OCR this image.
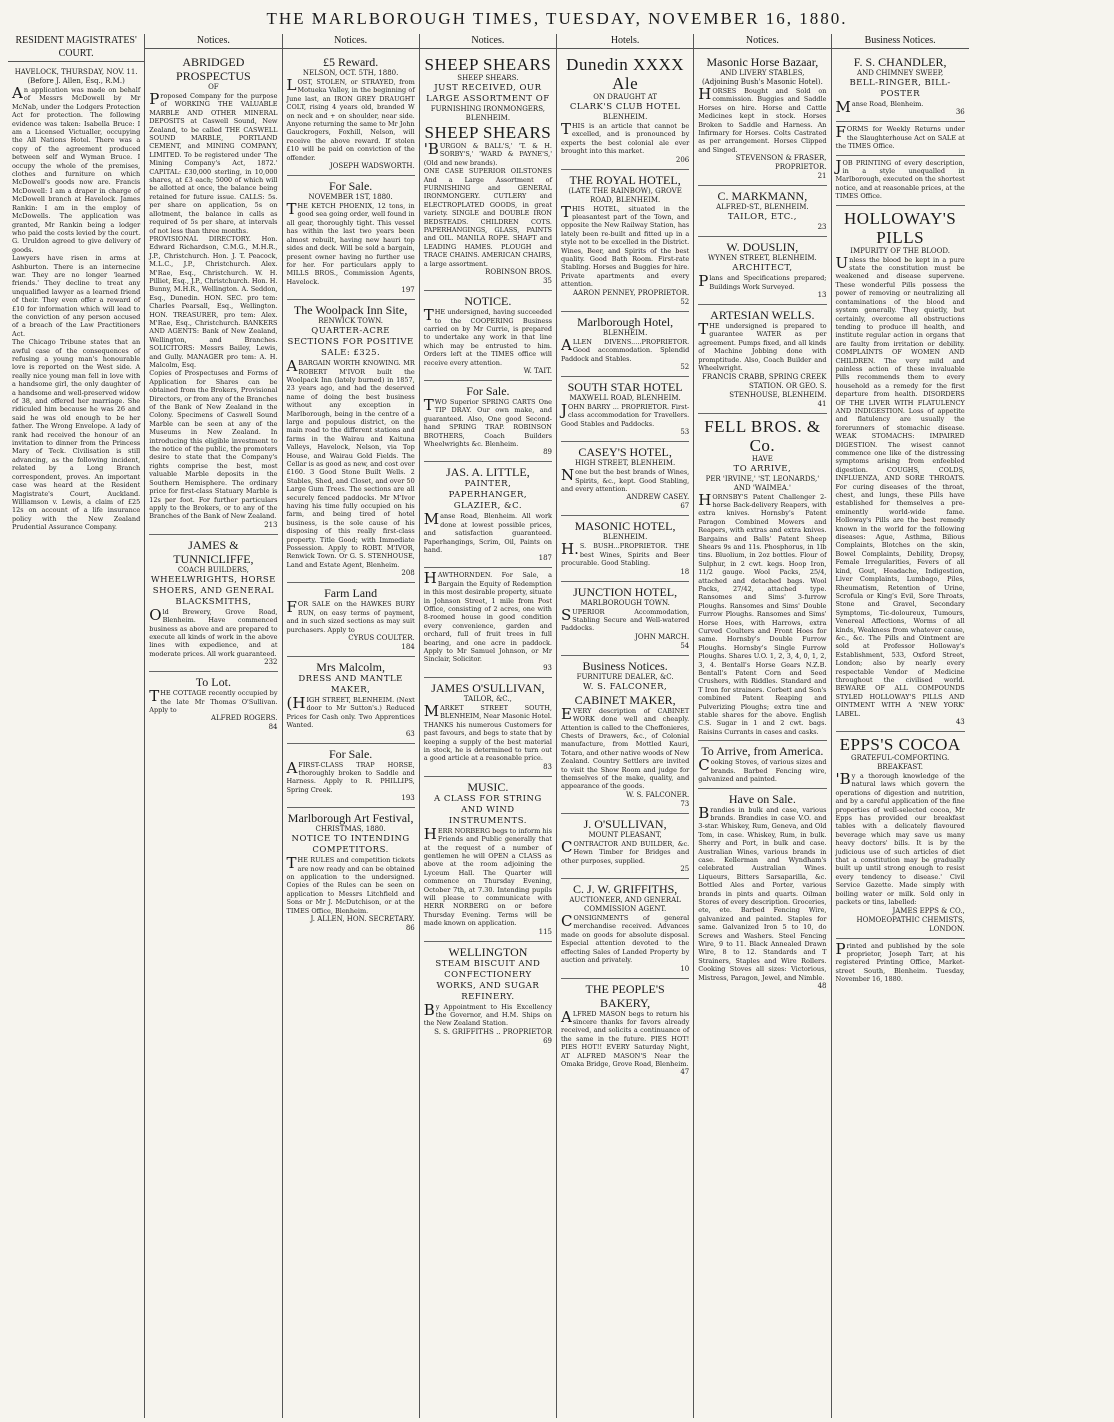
THE MARLBOROUGH TIMES, TUESDAY, NOVEMBER 16, 1880.
RESIDENT MAGISTRATES' COURT.
HAVELOCK, THURSDAY, NOV. 11.
(Before J. Allen, Esq., R.M.)
An application was made on behalf of Messrs McDowell by Mr McNab, under the Lodgers Protection Act for protection. The following evidence was taken: Isabella Bruce: I am a Licensed Victualler, occupying the All Nations Hotel. There was a copy of the agreement produced between self and Wyman Bruce. I occupy the whole of the premises, clothes and furniture on which McDowell's goods now are. Francis McDowell: I am a draper in charge of McDowell branch at Havelock. James Rankin: I am in the employ of McDowells. The application was granted, Mr Rankin being a lodger who paid the costs levied by the court. G. Uruldon agreed to give delivery of goods.
Lawyers have risen in arms at Ashburton. There is an internecine war. They are no longer 'learned friends.' They decline to treat any unqualified lawyer as a learned friend of their. They even offer a reward of £10 for information which will lead to the conviction of any person accused of a breach of the Law Practitioners Act.
The Chicago Tribune states that an awful case of the consequences of refusing a young man's honourable love is reported on the West side. A really nice young man fell in love with a handsome girl, the only daughter of a handsome and well-preserved widow of 38, and offered her marriage. She ridiculed him because he was 26 and said he was old enough to be her father. The Wrong Envelope. A lady of rank had received the honour of an invitation to dinner from the Princess Mary of Teck. Civilisation is still advancing, as the following incident, related by a Long Branch correspondent, proves. An important case was heard at the Resident Magistrate's Court, Auckland. Williamson v. Lewis, a claim of £25 12s on account of a life insurance policy with the New Zealand Prudential Assurance Company.
Notices.
ABRIDGED PROSPECTUS
OF
Proposed Company for the purpose of WORKING THE VALUABLE MARBLE AND OTHER MINERAL DEPOSITS at Caswell Sound, New Zealand, to be called THE CASWELL SOUND MARBLE, PORTLAND CEMENT, and MINING COMPANY, LIMITED. To be registered under 'The Mining Company's Act, 1872.' CAPITAL: £30,000 sterling, in 10,000 shares, at £3 each; 5000 of which will be allotted at once, the balance being retained for future issue. CALLS: 5s. per share on application, 5s on allotment, the balance in calls as required of 5s per share, at intervals of not less than three months.
PROVISIONAL DIRECTORY. Hon. Edward Richardson, C.M.G., M.H.R., J.P., Christchurch. Hon. J. T. Peacock, M.L.C., J.P., Christchurch. Alex. M'Rae, Esq., Christchurch. W. H. Pilliet, Esq., J.P., Christchurch. Hon. H. Bunny, M.H.R., Wellington. A. Seddon, Esq., Dunedin. HON. SEC. pro tem: Charles Pearsall, Esq., Wellington. HON. TREASURER, pro tem: Alex. M'Rae, Esq., Christchurch. BANKERS AND AGENTS: Bank of New Zealand, Wellington, and Branches. SOLICITORS: Messrs Bailey, Lewis, and Gully. MANAGER pro tem: A. H. Malcolm, Esq.
Copies of Prospectuses and Forms of Application for Shares can be obtained from the Brokers, Provisional Directors, or from any of the Branches of the Bank of New Zealand in the Colony. Specimens of Caswell Sound Marble can be seen at any of the Museums in New Zealand. In introducing this eligible investment to the notice of the public, the promoters desire to state that the Company's rights comprise the best, most valuable Marble deposits in the Southern Hemisphere. The ordinary price for first-class Statuary Marble is 12s per foot. For further particulars apply to the Brokers, or to any of the Branches of the Bank of New Zealand.
213
JAMES & TUNNICLIFFE,
COACH BUILDERS,
WHEELWRIGHTS, HORSE SHOERS, AND GENERAL BLACKSMITHS,
Old Brewery, Grove Road, Blenheim. Have commenced business as above and are prepared to execute all kinds of work in the above lines with expedience, and at moderate prices. All work guaranteed.
232
To Lot.
THE COTTAGE recently occupied by the late Mr Thomas O'Sullivan. Apply to
ALFRED ROGERS.
84
Notices.
£5 Reward.
NELSON, OCT. 5TH, 1880.
LOST, STOLEN, or STRAYED, from Motueka Valley, in the beginning of June last, an IRON GREY DRAUGHT COLT, rising 4 years old, branded W on neck and + on shoulder, near side. Anyone returning the same to Mr John Gauckrogers, Foxhill, Nelson, will receive the above reward. If stolen £10 will be paid on conviction of the offender.
JOSEPH WADSWORTH.
For Sale.
NOVEMBER 1ST, 1880.
THE KETCH PHOENIX, 12 tons, in good sea going order, well found in all gear, thoroughly tight. This vessel has within the last two years been almost rebuilt, having new hauri top sides and deck. Will be sold a bargain, present owner having no further use for her. For particulars apply to MILLS BROS., Commission Agents, Havelock.
197
The Woolpack Inn Site,
RENWICK TOWN.
QUARTER-ACRE SECTIONS FOR POSITIVE SALE: £325.
ABARGAIN WORTH KNOWING. MR ROBERT M'IVOR built the Woolpack Inn (lately burned) in 1857, 23 years ago, and had the deserved name of doing the best business without any exception in Marlborough, being in the centre of a large and populous district, on the main road to the different stations and farms in the Wairau and Kaituna Valleys, Havelock, Nelson, via Top House, and Wairau Gold Fields. The Cellar is as good as new, and cost over £160. 3 Good Stone Built Wells. 2 Stables, Shed, and Closet, and over 50 Large Gum Trees. The sections are all securely fenced paddocks. Mr M'Ivor having his time fully occupied on his farm, and being tired of hotel business, is the sole cause of his disposing of this really first-class property. Title Good; with Immediate Possession. Apply to ROBT. M'IVOR, Renwick Town. Or G. S. STENHOUSE, Land and Estate Agent, Blenheim.
208
Farm Land
FOR SALE on the HAWKES BURY RUN, on easy terms of payment, and in such sized sections as may suit purchasers. Apply to
CYRUS COULTER.
184
Mrs Malcolm,
DRESS AND MANTLE MAKER,
(HIGH STREET, BLENHEIM. (Next door to Mr Sutton's.) Reduced Prices for Cash only. Two Apprentices Wanted.
63
For Sale.
AFIRST-CLASS TRAP HORSE, thoroughly broken to Saddle and Harness. Apply to R. PHILLIPS, Spring Creek.
193
Marlborough Art Festival,
CHRISTMAS, 1880.
NOTICE TO INTENDING COMPETITORS.
THE RULES and competition tickets are now ready and can be obtained on application to the undersigned. Copies of the Rules can be seen on application to Messrs Litchfield and Sons or Mr J. McDutchison, or at the TIMES Office, Blenheim.
J. ALLEN, HON. SECRETARY.
86
Notices.
SHEEP SHEARS
SHEEP SHEARS.
JUST RECEIVED, OUR LARGE ASSORTMENT OF
FURNISHING IRONMONGERS, BLENHEIM.
SHEEP SHEARS
'BURGON & BALL'S,' 'T. & H. SORBY'S,' 'WARD & PAYNE'S,' (Old and new brands).
ONE CASE SUPERIOR OILSTONES And a Large Assortment of FURNISHING and GENERAL IRONMONGERY. CUTLERY and ELECTROPLATED GOODS, in great variety. SINGLE and DOUBLE IRON BEDSTEADS. CHILDREN COTS. PAPERHANGINGS, GLASS, PAINTS and OIL. MANILA ROPE. SHAFT and LEADING HAMES. PLOUGH and TRACE CHAINS. AMERICAN CHAIRS, a large assortment.
ROBINSON BROS.
35
NOTICE.
THE undersigned, having succeeded to the COOPERING Business carried on by Mr Currie, is prepared to undertake any work in that line which may be entrusted to him. Orders left at the TIMES office will receive every attention.
W. TAIT.
For Sale.
TWO Superior SPRING CARTS One TIP DRAY. Our own make, and guaranteed. Also, One good Second-hand SPRING TRAP. ROBINSON BROTHERS, Coach Builders Wheelwrights &c. Blenheim.
89
JAS. A. LITTLE,
PAINTER, PAPERHANGER, GLAZIER, &C.
Manse Road, Blenheim. All work done at lowest possible prices, and satisfaction guaranteed. Paperhangings, Scrim, Oil, Paints on hand.
187
HAWTHORNDEN. For Sale, a Bargain the Equity of Redemption in this most desirable property, situate in Johnson Street, 1 mile from Post Office, consisting of 2 acres, one with 8-roomed house in good condition every convenience, garden and orchard, full of fruit trees in full bearing, and one acre in paddock. Apply to Mr Samuel Johnson, or Mr Sinclair, Solicitor.
93
JAMES O'SULLIVAN,
TAILOR, &C.,
MARKET STREET SOUTH, BLENHEIM, Near Masonic Hotel. THANKS his numerous Customers for past favours, and begs to state that by keeping a supply of the best material in stock, he is determined to turn out a good article at a reasonable price.
83
MUSIC.
A CLASS FOR STRING AND WIND INSTRUMENTS.
HERR NORBERG begs to inform his Friends and Public generally that at the request of a number of gentlemen he will OPEN a CLASS as above at the room adjoining the Lyceum Hall. The Quarter will commence on Thursday Evening, October 7th, at 7.30. Intending pupils will please to communicate with HERR NORBERG on or before Thursday Evening. Terms will be made known on application.
115
WELLINGTON
STEAM BISCUIT AND CONFECTIONERY WORKS, AND SUGAR REFINERY.
By Appointment to His Excellency the Governor, and H.M. Ships on the New Zealand Station.
S. S. GRIFFITHS .. PROPRIETOR
69
Hotels.
Dunedin XXXX Ale
ON DRAUGHT AT
CLARK'S CLUB HOTEL
BLENHEIM.
THIS is an article that cannot be excelled, and is pronounced by experts the best colonial ale ever brought into this market.
206
THE ROYAL HOTEL,
(LATE THE RAINBOW), GROVE ROAD, BLENHEIM.
THIS HOTEL, situated in the pleasantest part of the Town, and opposite the New Railway Station, has lately been re-built and fitted up in a style not to be excelled in the District. Wines, Beer, and Spirits of the best quality. Good Bath Room. First-rate Stabling. Horses and Buggies for hire. Private apartments and every attention.
AARON PENNEY, PROPRIETOR.
52
Marlborough Hotel,
BLENHEIM.
ALLEN DIVENS.....PROPRIETOR. Good accommodation. Splendid Paddock and Stables.
52
SOUTH STAR HOTEL
MAXWELL ROAD, BLENHEIM.
JOHN BARRY ... PROPRIETOR. First-class accommodation for Travellers. Good Stables and Paddocks.
53
CASEY'S HOTEL,
HIGH STREET, BLENHEIM.
None but the best brands of Wines, Spirits, &c., kept. Good Stabling, and every attention.
ANDREW CASEY.
67
MASONIC HOTEL,
BLENHEIM.
H.S. BUSH...PROPRIETOR. THE best Wines, Spirits and Beer procurable. Good Stabling.
18
JUNCTION HOTEL,
MARLBOROUGH TOWN.
SUPERIOR Accommodation, Stabling Secure and Well-watered Paddocks.
JOHN MARCH.
54
Business Notices.
FURNITURE DEALER, &C.
W. S. FALCONER,
CABINET MAKER,
EVERY description of CABINET WORK done well and cheaply. Attention is called to the Cheffonieres, Chests of Drawers, &c., of Colonial manufacture, from Mottled Kauri, Totara, and other native woods of New Zealand. Country Settlers are invited to visit the Show Room and judge for themselves of the make, quality, and appearance of the goods.
W. S. FALCONER.
73
J. O'SULLIVAN,
MOUNT PLEASANT,
CONTRACTOR AND BUILDER, &c. Hewn Timber for Bridges and other purposes, supplied.
25
C. J. W. GRIFFITHS,
AUCTIONEER, AND GENERAL COMMISSION AGENT.
CONSIGNMENTS of general merchandise received. Advances made on goods for absolute disposal. Especial attention devoted to the effecting Sales of Landed Property by auction and privately.
10
THE PEOPLE'S BAKERY,
ALFRED MASON begs to return his sincere thanks for favors already received, and solicits a continuance of the same in the future. PIES HOT! PIES HOT!! EVERY Saturday Night, AT ALFRED MASON'S Near the Omaka Bridge, Grove Road, Blenheim.
47
Notices.
Masonic Horse Bazaar,
AND LIVERY STABLES,
(Adjoining Bush's Masonic Hotel).
HORSES Bought and Sold on commission. Buggies and Saddle Horses on hire. Horse and Cattle Medicines kept in stock. Horses Broken to Saddle and Harness. An Infirmary for Horses. Colts Castrated as per arrangement. Horses Clipped and Singed.
STEVENSON & FRASER, PROPRIETOR.
21
C. MARKMANN,
ALFRED-ST., BLENHEIM.
TAILOR, ETC.,
23
W. DOUSLIN,
WYNEN STREET, BLENHEIM.
ARCHITECT,
Plans and Specifications prepared; Buildings Work Surveyed.
13
ARTESIAN WELLS.
THE undersigned is prepared to guarantee WATER as per agreement. Pumps fixed, and all kinds of Machine Jobbing done with promptitude. Also, Coach Builder and Wheelwright.
FRANCIS CRABB, SPRING CREEK STATION. OR GEO. S. STENHOUSE, BLENHEIM.
41
FELL BROS. & Co.
HAVE
TO ARRIVE,
PER 'IRVINE,' 'ST. LEONARDS,' AND 'WAIMEA.'
HORNSBY'S Patent Challenger 2-horse Back-delivery Reapers, with extra knives. Hornsby's Patent Paragon Combined Mowers and Reapers, with extras and extra knives. Bargains and Balls' Patent Sheep Shears 9s and 11s. Phosphorus, in 1lb tins. Bluolium, in 2oz bottles. Flour of Sulphur, in 2 cwt. kegs. Hoop Iron, 11/2 gauge. Wool Packs, 25/4, attached and detached bags. Wool Packs, 27/42, attached type. Ransomes and Sims' 3-furrow Ploughs. Ransomes and Sims' Double Furrow Ploughs. Ransomes and Sims' Horse Hoes, with Harrows, extra Curved Coulters and Front Hoes for same. Hornsby's Double Furrow Ploughs. Hornsby's Single Furrow Ploughs. Shares U.O. 1, 2, 3, 4, 0, 1, 2, 3, 4. Bentall's Horse Gears N.Z.B. Bentall's Patent Corn and Seed Crushers, with Riddles. Standard and T Iron for strainers. Corbett and Son's combined Patent Reaping and Pulverizing Ploughs; extra tine and stable shares for the above. English C.S. Sugar in 1 and 2 cwt. bags. Raisins Currants in cases and casks.
To Arrive, from America.
Cooking Stoves, of various sizes and brands. Barbed Fencing wire, galvanized and painted.
Have on Sale.
Brandies in bulk and case, various brands. Brandies in case V.O. and 3-star. Whiskey, Rum, Geneva, and Old Tom, in case. Whiskey, Rum, in bulk. Sherry and Port, in bulk and case. Australian Wines, various brands in case. Kellerman and Wyndham's celebrated Australian Wines. Liqueurs, Bitters Sarsaparilla, &c. Bottled Ales and Porter, various brands in pints and quarts. Oilman Stores of every description. Groceries, ete, ete. Barbed Fencing Wire, galvanized and painted. Staples for same. Galvanized Iron 5 to 10, do Screws and Washers. Steel Fencing Wire, 9 to 11. Black Annealed Drawn Wire, 8 to 12. Standards and T Strainers, Staples and Wire Rollers. Cooking Stoves all sizes: Victorious, Mistress, Paragon, Jewel, and Nimble.
48
Business Notices.
F. S. CHANDLER,
AND CHIMNEY SWEEP,
BELL-RINGER, BILL-POSTER
Manse Road, Blenheim.
36
FORMS for Weekly Returns under the Slaughterhouse Act on SALE at the TIMES Office.
JOB PRINTING of every description, in a style unequalled in Marlborough, executed on the shortest notice, and at reasonable prices, at the TIMES Office.
HOLLOWAY'S PILLS
IMPURITY OF THE BLOOD.
Unless the blood be kept in a pure state the constitution must be weakened and disease supervene. These wonderful Pills possess the power of removing or neutralizing all contaminations of the blood and system generally. They quietly, but certainly, overcome all obstructions tending to produce ill health, and institute regular action in organs that are faulty from irritation or debility. COMPLAINTS OF WOMEN AND CHILDREN. The very mild and painless action of these invaluable Pills recommends them to every household as a remedy for the first departure from health. DISORDERS OF THE LIVER WITH FLATULENCY AND INDIGESTION. Loss of appetite and flatulency are usually the forerunners of stomachic disease. WEAK STOMACHS: IMPAIRED DIGESTION. The wisest cannot commence one like of the distressing symptoms arising from enfeebled digestion. COUGHS, COLDS, INFLUENZA, AND SORE THROATS. For curing diseases of the throat, chest, and lungs, these Pills have established for themselves a pre-eminently world-wide fame. Holloway's Pills are the best remedy known in the world for the following diseases: Ague, Asthma, Bilious Complaints, Blotches on the skin, Bowel Complaints, Debility, Dropsy, Female Irregularities, Fevers of all kind, Gout, Headache, Indigestion, Liver Complaints, Lumbago, Piles, Rheumatism, Retention of Urine, Scrofula or King's Evil, Sore Throats, Stone and Gravel, Secondary Symptoms, Tic-doloureux, Tumours, Venereal Affections, Worms of all kinds, Weakness from whatever cause, &c., &c. The Pills and Ointment are sold at Professor Holloway's Establishment, 533, Oxford Street, London; also by nearly every respectable Vendor of Medicine throughout the civilised world. BEWARE OF ALL COMPOUNDS STYLED HOLLOWAY'S PILLS AND OINTMENT WITH A 'NEW YORK' LABEL.
43
EPPS'S COCOA
GRATEFUL-COMFORTING.
BREAKFAST.
'By a thorough knowledge of the natural laws which govern the operations of digestion and nutrition, and by a careful application of the fine properties of well-selected cocoa, Mr Epps has provided our breakfast tables with a delicately flavoured beverage which may save us many heavy doctors' bills. It is by the judicious use of such articles of diet that a constitution may be gradually built up until strong enough to resist every tendency to disease.' Civil Service Gazette. Made simply with boiling water or milk. Sold only in packets or tins, labelled:
JAMES EPPS & CO., HOMOEOPATHIC CHEMISTS, LONDON.
Printed and published by the sole proprietor, Joseph Tarr, at his registered Printing Office, Market-street South, Blenheim. Tuesday, November 16, 1880.
